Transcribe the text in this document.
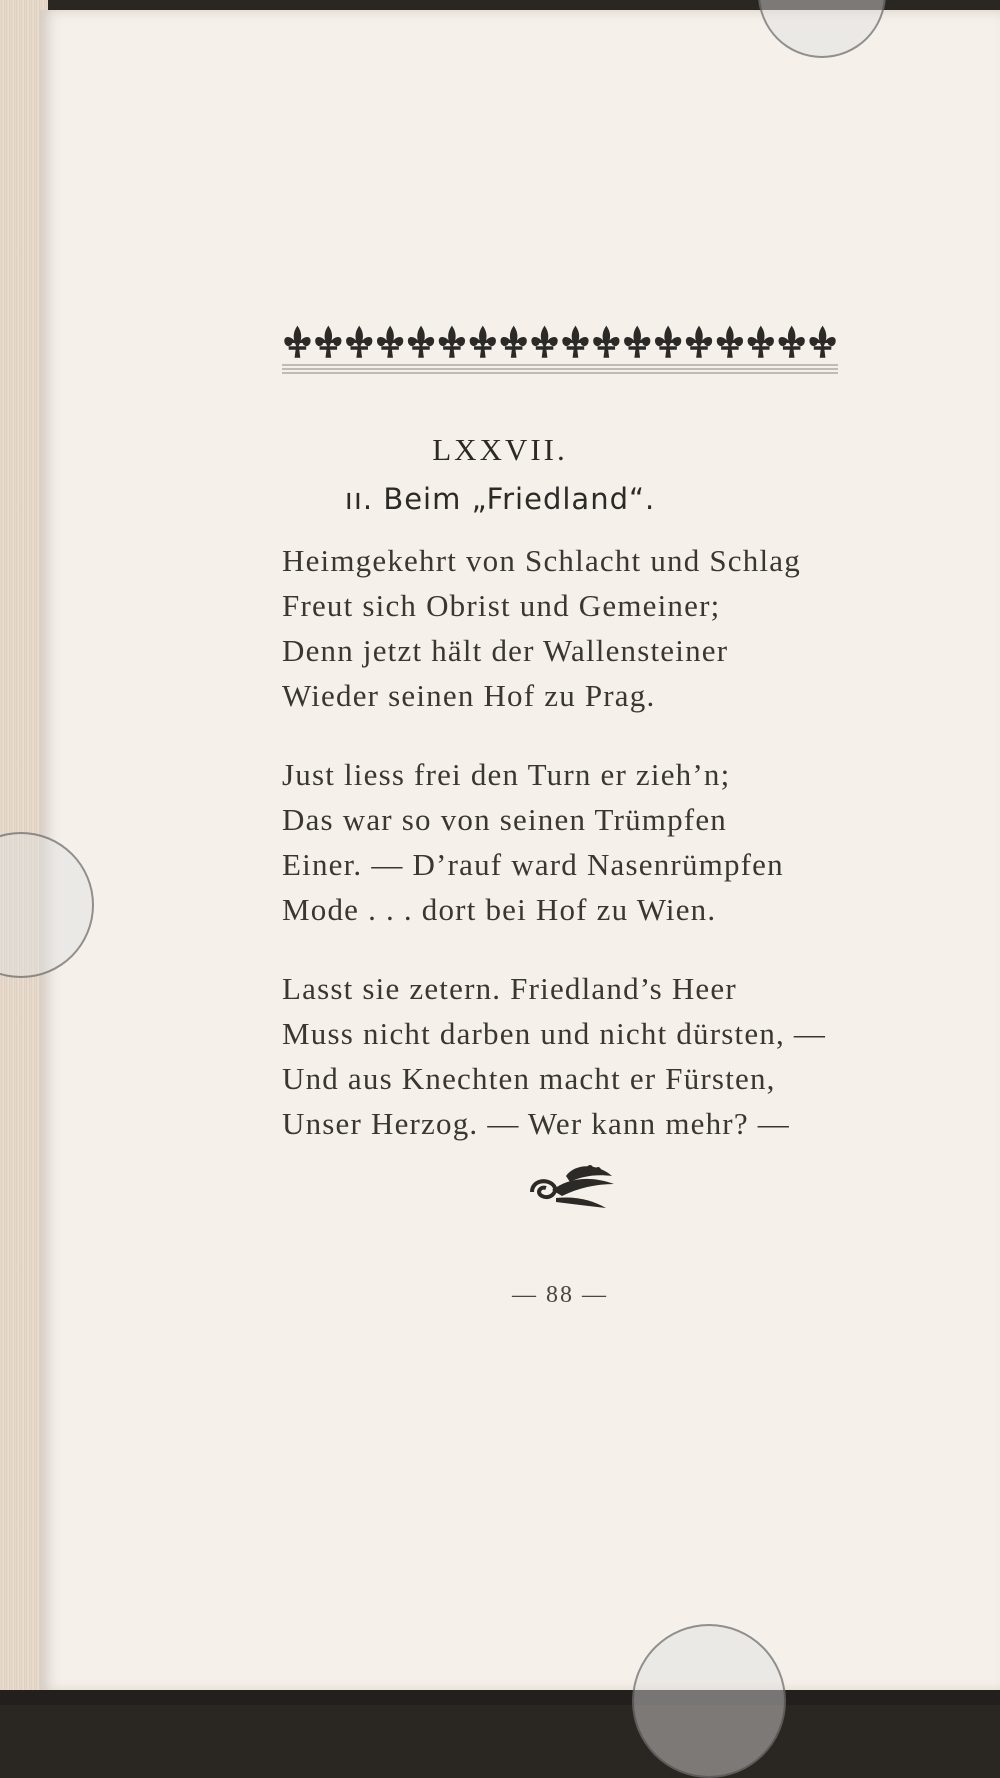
LXXVII.
ıı. Beim „Friedland“.
Heimgekehrt von Schlacht und Schlag
Freut sich Obrist und Gemeiner;
Denn jetzt hält der Wallensteiner
Wieder seinen Hof zu Prag.
Just liess frei den Turn er zieh’n;
Das war so von seinen Trümpfen
Einer. — D’rauf ward Nasenrümpfen
Mode . . . dort bei Hof zu Wien.
Lasst sie zetern. Friedland’s Heer
Muss nicht darben und nicht dürsten, —
Und aus Knechten macht er Fürsten,
Unser Herzog. — Wer kann mehr? —
— 88 —
